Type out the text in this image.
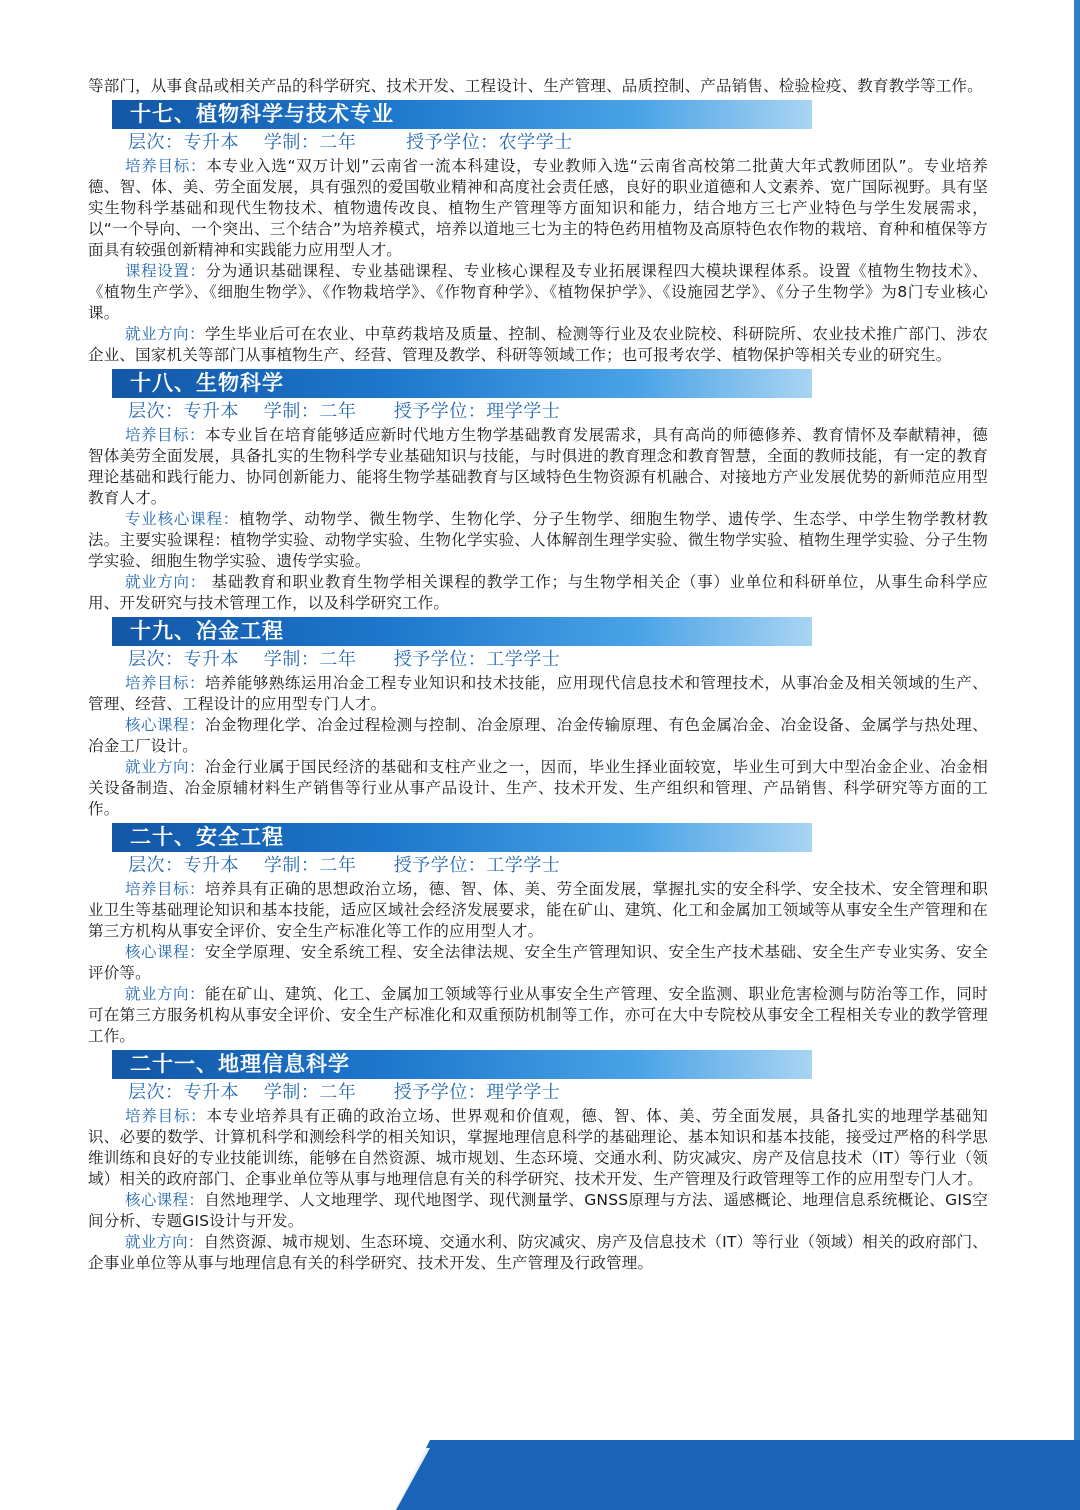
等部门，从事食品或相关产品的科学研究、技术开发、工程设计、生产管理、品质控制、产品销售、检验检疫、教育教学等工作。

十七、植物科学与技术专业

层次：专升本    学制：二年        授予学位：农学学士

培养目标：本专业入选“双万计划”云南省一流本科建设，专业教师入选“云南省高校第二批黄大年式教师团队”。专业培养德、智、体、美、劳全面发展，具有强烈的爱国敬业精神和高度社会责任感，良好的职业道德和人文素养、宽广国际视野。具有坚实生物科学基础和现代生物技术、植物遗传改良、植物生产管理等方面知识和能力，结合地方三七产业特色与学生发展需求，以“一个导向、一个突出、三个结合”为培养模式，培养以道地三七为主的特色药用植物及高原特色农作物的栽培、育种和植保等方面具有较强创新精神和实践能力应用型人才。

课程设置：分为通识基础课程、专业基础课程、专业核心课程及专业拓展课程四大模块课程体系。设置《植物生物技术》、《植物生产学》、《细胞生物学》、《作物栽培学》、《作物育种学》、《植物保护学》、《设施园艺学》、《分子生物学》为8门专业核心课。

就业方向：学生毕业后可在农业、中草药栽培及质量、控制、检测等行业及农业院校、科研院所、农业技术推广部门、涉农企业、国家机关等部门从事植物生产、经营、管理及教学、科研等领域工作；也可报考农学、植物保护等相关专业的研究生。

十八、生物科学

层次：专升本    学制：二年      授予学位：理学学士

培养目标：本专业旨在培育能够适应新时代地方生物学基础教育发展需求，具有高尚的师德修养、教育情怀及奉献精神，德智体美劳全面发展，具备扎实的生物科学专业基础知识与技能，与时俱进的教育理念和教育智慧，全面的教师技能，有一定的教育理论基础和践行能力、协同创新能力、能将生物学基础教育与区域特色生物资源有机融合、对接地方产业发展优势的新师范应用型教育人才。

专业核心课程：植物学、动物学、微生物学、生物化学、分子生物学、细胞生物学、遗传学、生态学、中学生物学教材教法。主要实验课程：植物学实验、动物学实验、生物化学实验、人体解剖生理学实验、微生物学实验、植物生理学实验、分子生物学实验、细胞生物学实验、遗传学实验。

就业方向： 基础教育和职业教育生物学相关课程的教学工作；与生物学相关企（事）业单位和科研单位，从事生命科学应用、开发研究与技术管理工作，以及科学研究工作。

十九、冶金工程

层次：专升本    学制：二年      授予学位：工学学士

培养目标：培养能够熟练运用冶金工程专业知识和技术技能，应用现代信息技术和管理技术，从事冶金及相关领域的生产、管理、经营、工程设计的应用型专门人才。

核心课程：冶金物理化学、冶金过程检测与控制、冶金原理、冶金传输原理、有色金属冶金、冶金设备、金属学与热处理、冶金工厂设计。

就业方向：冶金行业属于国民经济的基础和支柱产业之一，因而，毕业生择业面较宽，毕业生可到大中型冶金企业、冶金相关设备制造、冶金原辅材料生产销售等行业从事产品设计、生产、技术开发、生产组织和管理、产品销售、科学研究等方面的工作。

二十、安全工程

层次：专升本    学制：二年      授予学位：工学学士

培养目标：培养具有正确的思想政治立场，德、智、体、美、劳全面发展，掌握扎实的安全科学、安全技术、安全管理和职业卫生等基础理论知识和基本技能，适应区域社会经济发展要求，能在矿山、建筑、化工和金属加工领域等从事安全生产管理和在第三方机构从事安全评价、安全生产标准化等工作的应用型人才。

核心课程：安全学原理、安全系统工程、安全法律法规、安全生产管理知识、安全生产技术基础、安全生产专业实务、安全评价等。

就业方向：能在矿山、建筑、化工、金属加工领域等行业从事安全生产管理、安全监测、职业危害检测与防治等工作，同时可在第三方服务机构从事安全评价、安全生产标准化和双重预防机制等工作，亦可在大中专院校从事安全工程相关专业的教学管理工作。

二十一、地理信息科学

层次：专升本    学制：二年      授予学位：理学学士

培养目标：本专业培养具有正确的政治立场、世界观和价值观，德、智、体、美、劳全面发展，具备扎实的地理学基础知识、必要的数学、计算机科学和测绘科学的相关知识，掌握地理信息科学的基础理论、基本知识和基本技能，接受过严格的科学思维训练和良好的专业技能训练，能够在自然资源、城市规划、生态环境、交通水利、防灾减灾、房产及信息技术（IT）等行业（领域）相关的政府部门、企事业单位等从事与地理信息有关的科学研究、技术开发、生产管理及行政管理等工作的应用型专门人才。

核心课程：自然地理学、人文地理学、现代地图学、现代测量学、GNSS原理与方法、遥感概论、地理信息系统概论、GIS空间分析、专题GIS设计与开发。

就业方向：自然资源、城市规划、生态环境、交通水利、防灾减灾、房产及信息技术（IT）等行业（领域）相关的政府部门、企事业单位等从事与地理信息有关的科学研究、技术开发、生产管理及行政管理。
